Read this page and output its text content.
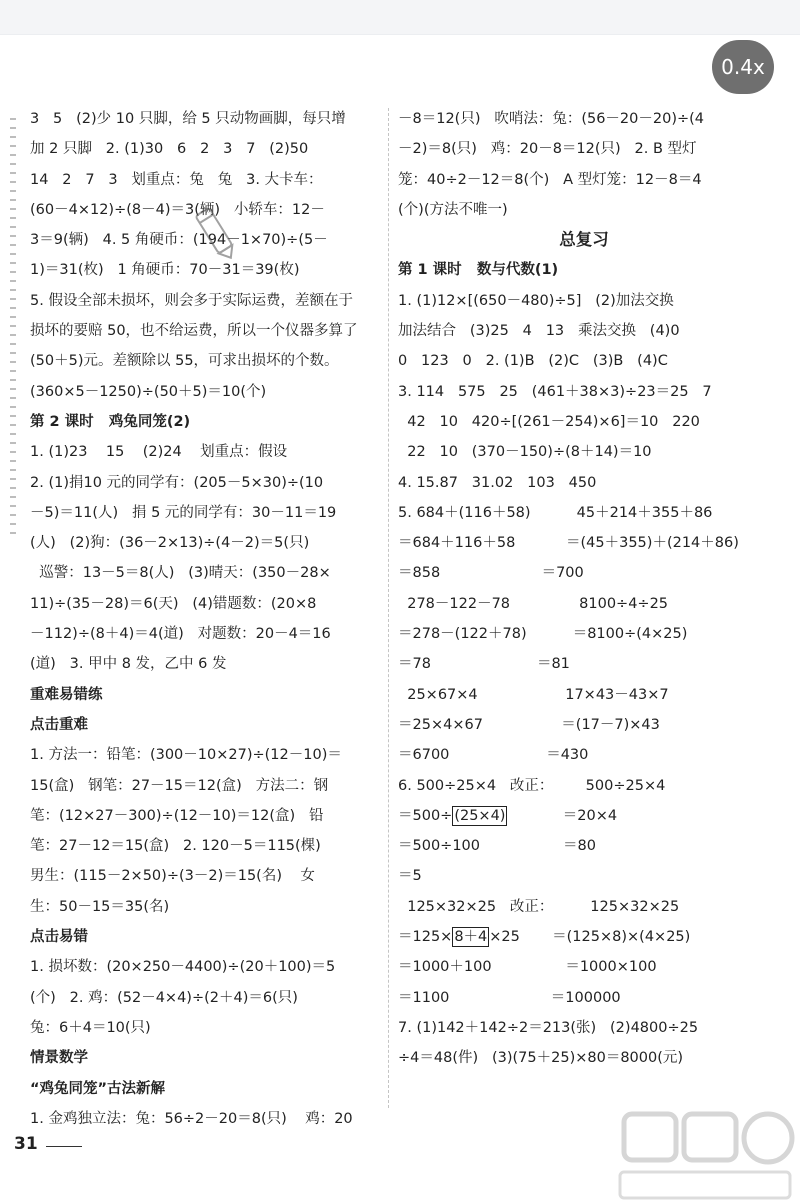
0.4x
3   5   (2)少 10 只脚，给 5 只动物画脚，每只增
加 2 只脚   2. (1)30   6   2   3   7   (2)50
14   2   7   3   划重点：兔   兔   3. 大卡车：
(60－4×12)÷(8－4)＝3(辆)   小轿车：12－
3＝9(辆)   4. 5 角硬币：(194－1×70)÷(5－
1)＝31(枚)   1 角硬币：70－31＝39(枚)
5. 假设全部未损坏，则会多于实际运费，差额在于
损坏的要赔 50，也不给运费，所以一个仪器多算了
(50＋5)元。差额除以 55，可求出损坏的个数。
(360×5－1250)÷(50＋5)＝10(个)
第 2 课时   鸡兔同笼(2)
1. (1)23    15    (2)24    划重点：假设
2. (1)捐10 元的同学有：(205－5×30)÷(10
－5)＝11(人)   捐 5 元的同学有：30－11＝19
(人)   (2)狗：(36－2×13)÷(4－2)＝5(只)
巡警：13－5＝8(人)   (3)晴天：(350－28×
11)÷(35－28)＝6(天)   (4)错题数：(20×8
－112)÷(8＋4)＝4(道)   对题数：20－4＝16
(道)   3. 甲中 8 发，乙中 6 发
重难易错练
点击重难
1. 方法一：铅笔：(300－10×27)÷(12－10)＝
15(盒)   钢笔：27－15＝12(盒)   方法二：钢
笔：(12×27－300)÷(12－10)＝12(盒)   铅
笔：27－12＝15(盒)   2. 120－5＝115(棵)
男生：(115－2×50)÷(3－2)＝15(名)    女
生：50－15＝35(名)
点击易错
1. 损坏数：(20×250－4400)÷(20＋100)＝5
(个)   2. 鸡：(52－4×4)÷(2＋4)＝6(只)
兔：6＋4＝10(只)
情景数学
“鸡兔同笼”古法新解
1. 金鸡独立法：兔：56÷2－20＝8(只)    鸡：20
－8＝12(只)   吹哨法：兔：(56－20－20)÷(4
－2)＝8(只)   鸡：20－8＝12(只)   2. B 型灯
笼：40÷2－12＝8(个)   A 型灯笼：12－8＝4
(个)(方法不唯一)
总复习
第 1 课时   数与代数(1)
1. (1)12×[(650－480)÷5]   (2)加法交换
加法结合   (3)25   4   13   乘法交换   (4)0
0   123   0   2. (1)B   (2)C   (3)B   (4)C
3. 114   575   25   (461＋38×3)÷23＝25   7
42   10   420÷[(261－254)×6]＝10   220
22   10   (370－150)÷(8＋14)＝10
4. 15.87   31.02   103   450
5. 684＋(116＋58)          45＋214＋355＋86
＝684＋116＋58           ＝(45＋355)＋(214＋86)
＝858                      ＝700
278－122－78               8100÷4÷25
＝278－(122＋78)          ＝8100÷(4×25)
＝78                       ＝81
25×67×4                   17×43－43×7
＝25×4×67                 ＝(17－7)×43
＝6700                     ＝430
6. 500÷25×4   改正：       500÷25×4
＝500÷ (25×4)            ＝20×4
＝500÷100                  ＝80
＝5
125×32×25   改正：        125×32×25
＝125× 8＋4 ×25       ＝(125×8)×(4×25)
＝1000＋100                ＝1000×100
＝1100                      ＝100000
7. (1)142＋142÷2＝213(张)   (2)4800÷25
÷4＝48(件)   (3)(75＋25)×80＝8000(元)
31
